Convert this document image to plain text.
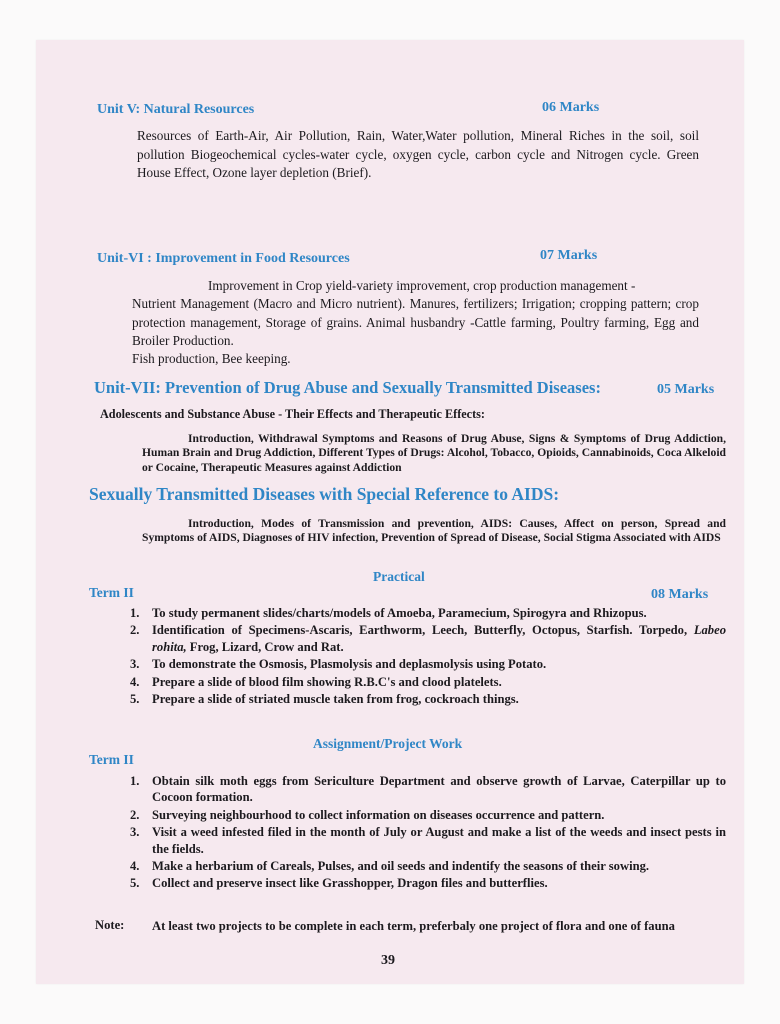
Unit V: Natural Resources	06 Marks
Resources of Earth-Air, Air Pollution, Rain, Water,Water pollution, Mineral Riches in the soil, soil pollution Biogeochemical cycles-water cycle, oxygen cycle, carbon cycle and Nitrogen cycle. Green House Effect, Ozone layer depletion (Brief).
Unit-VI : Improvement in Food Resources	07 Marks
Improvement in Crop yield-variety improvement, crop production management -
Nutrient Management (Macro and Micro nutrient). Manures, fertilizers; Irrigation; cropping pattern; crop protection management, Storage of grains. Animal husbandry -Cattle farming, Poultry farming, Egg and Broiler Production.
Fish production, Bee keeping.
Unit-VII: Prevention of Drug Abuse and Sexually Transmitted Diseases:	05 Marks
Adolescents and Substance Abuse - Their Effects and Therapeutic Effects:
Introduction, Withdrawal Symptoms and Reasons of Drug Abuse, Signs & Symptoms of Drug Addiction, Human Brain and Drug Addiction, Different Types of Drugs: Alcohol, Tobacco, Opioids, Cannabinoids, Coca Alkeloid or Cocaine, Therapeutic Measures against Addiction
Sexually Transmitted Diseases with Special Reference to AIDS:
Introduction, Modes of Transmission and prevention, AIDS: Causes, Affect on person, Spread and Symptoms of AIDS, Diagnoses of HIV infection, Prevention of Spread of Disease, Social Stigma Associated with AIDS
Practical
Term II	08 Marks
1. To study permanent slides/charts/models of Amoeba, Paramecium, Spirogyra and Rhizopus.
2. Identification of Specimens-Ascaris, Earthworm, Leech, Butterfly, Octopus, Starfish. Torpedo, Labeo rohita, Frog, Lizard, Crow and Rat.
3. To demonstrate the Osmosis, Plasmolysis and deplasmolysis using Potato.
4. Prepare a slide of blood film showing R.B.C's and clood platelets.
5. Prepare a slide of striated muscle taken from frog, cockroach things.
Assignment/Project Work
Term II
1. Obtain silk moth eggs from Sericulture Department and observe growth of Larvae, Caterpillar up to Cocoon formation.
2. Surveying neighbourhood to collect information on diseases occurrence and pattern.
3. Visit a weed infested filed in the month of July or August and make a list of the weeds and insect pests in the fields.
4. Make a herbarium of Careals, Pulses, and oil seeds and indentify the seasons of their sowing.
5. Collect and preserve insect like Grasshopper, Dragon files and butterflies.
Note: At least two projects to be complete in each term, preferbaly one project of flora and one of fauna
39
